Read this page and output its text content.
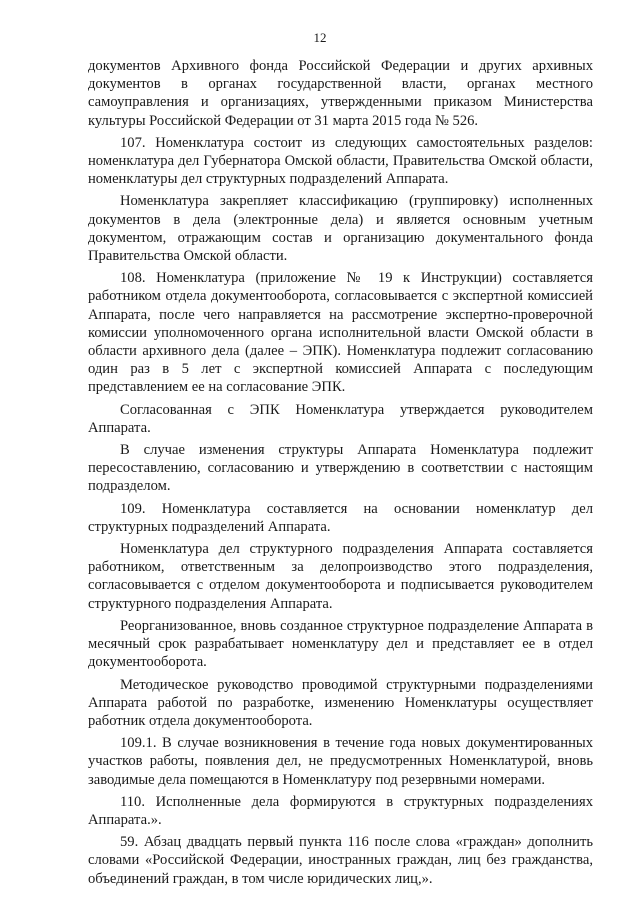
12

документов Архивного фонда Российской Федерации и других архивных документов в органах государственной власти, органах местного самоуправления и организациях, утвержденными приказом Министерства культуры Российской Федерации от 31 марта 2015 года № 526.

107. Номенклатура состоит из следующих самостоятельных разделов: номенклатура дел Губернатора Омской области, Правительства Омской области, номенклатуры дел структурных подразделений Аппарата.

Номенклатура закрепляет классификацию (группировку) исполненных документов в дела (электронные дела) и является основным учетным документом, отражающим состав и организацию документального фонда Правительства Омской области.

108. Номенклатура (приложение № 19 к Инструкции) составляется работником отдела документооборота, согласовывается с экспертной комиссией Аппарата, после чего направляется на рассмотрение экспертно-проверочной комиссии уполномоченного органа исполнительной власти Омской области в области архивного дела (далее – ЭПК). Номенклатура подлежит согласованию один раз в 5 лет с экспертной комиссией Аппарата с последующим представлением ее на согласование ЭПК.

Согласованная с ЭПК Номенклатура утверждается руководителем Аппарата.

В случае изменения структуры Аппарата Номенклатура подлежит пересоставлению, согласованию и утверждению в соответствии с настоящим подразделом.

109. Номенклатура составляется на основании номенклатур дел структурных подразделений Аппарата.

Номенклатура дел структурного подразделения Аппарата составляется работником, ответственным за делопроизводство этого подразделения, согласовывается с отделом документооборота и подписывается руководителем структурного подразделения Аппарата.

Реорганизованное, вновь созданное структурное подразделение Аппарата в месячный срок разрабатывает номенклатуру дел и представляет ее в отдел документооборота.

Методическое руководство проводимой структурными подразделениями Аппарата работой по разработке, изменению Номенклатуры осуществляет работник отдела документооборота.

109.1. В случае возникновения в течение года новых документированных участков работы, появления дел, не предусмотренных Номенклатурой, вновь заводимые дела помещаются в Номенклатуру под резервными номерами.

110. Исполненные дела формируются в структурных подразделениях Аппарата.».

59. Абзац двадцать первый пункта 116 после слова «граждан» дополнить словами «Российской Федерации, иностранных граждан, лиц без гражданства, объединений граждан, в том числе юридических лиц,».
